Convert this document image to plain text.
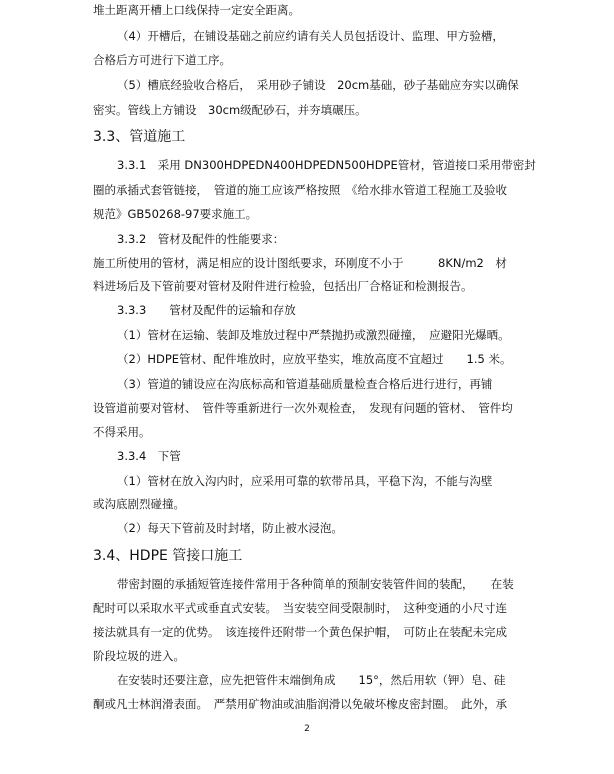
堆土距离开槽上口线保持一定安全距离。
（4）开槽后，在铺设基础之前应约请有关人员包括设计、监理、甲方验槽，
合格后方可进行下道工序。
（5）槽底经验收合格后，　采用砂子铺设　20cm基础，砂子基础应夯实以确保
密实。管线上方铺设　30cm级配砂石，并夯填碾压。
3.3、管道施工
3.3.1　采用 DN300HDPEDN400HDPEDN500HDPE管材，管道接口采用带密封
圈的承插式套管链接，　管道的施工应该严格按照　《给水排水管道工程施工及验收
规范》GB50268-97要求施工。
3.3.2　管材及配件的性能要求：
施工所使用的管材，满足相应的设计图纸要求，环刚度不小于　　　8KN/m2　材
料进场后及下管前要对管材及附件进行检验，包括出厂合格证和检测报告。
3.3.3　　管材及配件的运输和存放
（1）管材在运输、装卸及堆放过程中严禁抛扔或激烈碰撞，　应避阳光爆晒。
（2）HDPE管材、配件堆放时，应放平垫实，堆放高度不宜超过　　1.5 米。
（3）管道的铺设应在沟底标高和管道基础质量检查合格后进行进行，再铺
设管道前要对管材、　管件等重新进行一次外观检查，　发现有问题的管材、　管件均
不得采用。
3.3.4　下管
（1）管材在放入沟内时，应采用可靠的软带吊具，平稳下沟，不能与沟壁
或沟底剧烈碰撞。
（2）每天下管前及时封堵，防止被水浸泡。
3.4、HDPE 管接口施工
带密封圈的承插短管连接件常用于各种简单的预制安装管件间的装配，　　在装
配时可以采取水平式或垂直式安装。　当安装空间受限制时，　这种变通的小尺寸连
接法就具有一定的优势。　该连接件还附带一个黄色保护帽，　可防止在装配未完成
阶段垃圾的进入。
在安装时还要注意，应先把管件末端倒角成　　15°，然后用软（钾）皂、硅
酮或凡士林润滑表面。　严禁用矿物油或油脂润滑以免破坏橡皮密封圈。　此外，承
2
